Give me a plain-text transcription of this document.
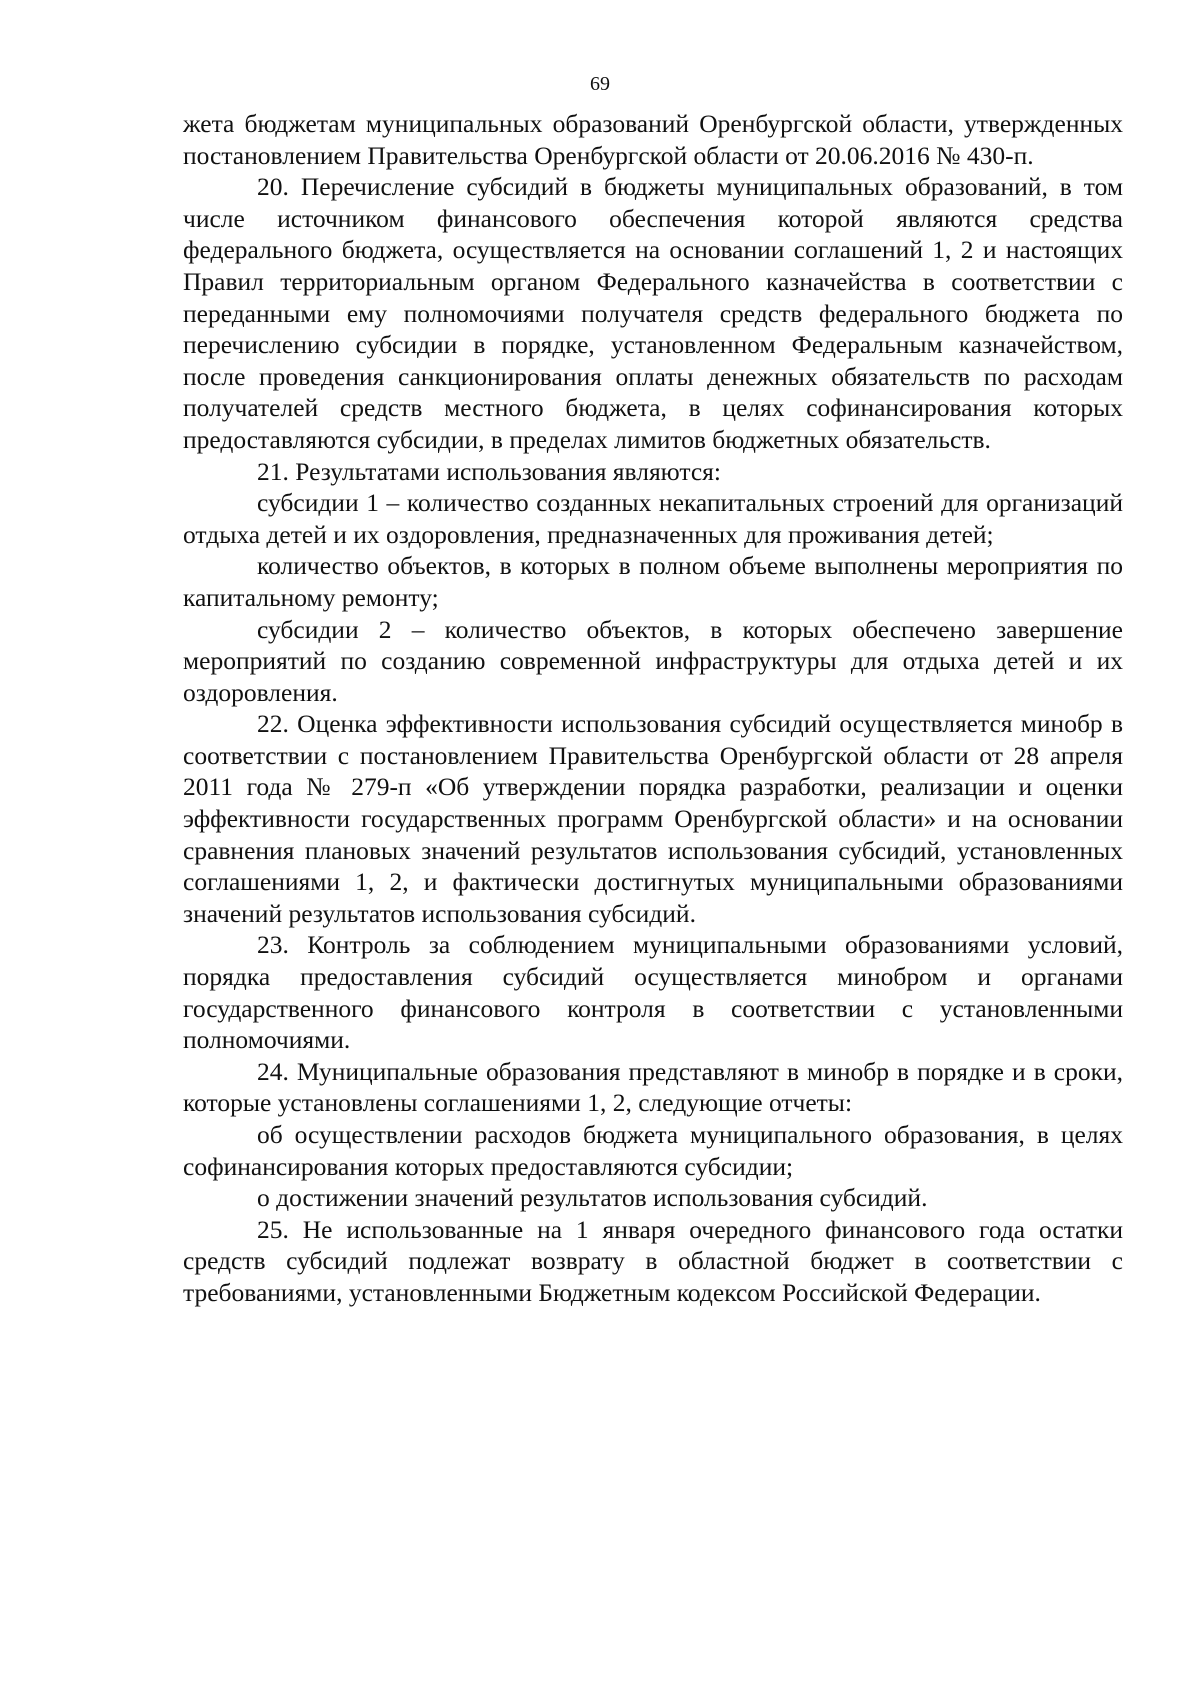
69

жета бюджетам муниципальных образований Оренбургской области, утвержденных постановлением Правительства Оренбургской области от 20.06.2016 № 430-п.

20. Перечисление субсидий в бюджеты муниципальных образований, в том числе источником финансового обеспечения которой являются средства федерального бюджета, осуществляется на основании соглашений 1, 2 и настоящих Правил территориальным органом Федерального казначейства в соответствии с переданными ему полномочиями получателя средств федерального бюджета по перечислению субсидии в порядке, установленном Федеральным казначейством, после проведения санкционирования оплаты денежных обязательств по расходам получателей средств местного бюджета, в целях софинансирования которых предоставляются субсидии, в пределах лимитов бюджетных обязательств.

21. Результатами использования являются:

субсидии 1 – количество созданных некапитальных строений для организаций отдыха детей и их оздоровления, предназначенных для проживания детей;

количество объектов, в которых в полном объеме выполнены мероприятия по капитальному ремонту;

субсидии 2 – количество объектов, в которых обеспечено завершение мероприятий по созданию современной инфраструктуры для отдыха детей и их оздоровления.

22. Оценка эффективности использования субсидий осуществляется минобр в соответствии с постановлением Правительства Оренбургской области от 28 апреля 2011 года № 279-п «Об утверждении порядка разработки, реализации и оценки эффективности государственных программ Оренбургской области» и на основании сравнения плановых значений результатов использования субсидий, установленных соглашениями 1, 2, и фактически достигнутых муниципальными образованиями значений результатов использования субсидий.

23. Контроль за соблюдением муниципальными образованиями условий, порядка предоставления субсидий осуществляется минобром и органами государственного финансового контроля в соответствии с установленными полномочиями.

24. Муниципальные образования представляют в минобр в порядке и в сроки, которые установлены соглашениями 1, 2, следующие отчеты:

об осуществлении расходов бюджета муниципального образования, в целях софинансирования которых предоставляются субсидии;

о достижении значений результатов использования субсидий.

25. Не использованные на 1 января очередного финансового года остатки средств субсидий подлежат возврату в областной бюджет в соответствии с требованиями, установленными Бюджетным кодексом Российской Федерации.
